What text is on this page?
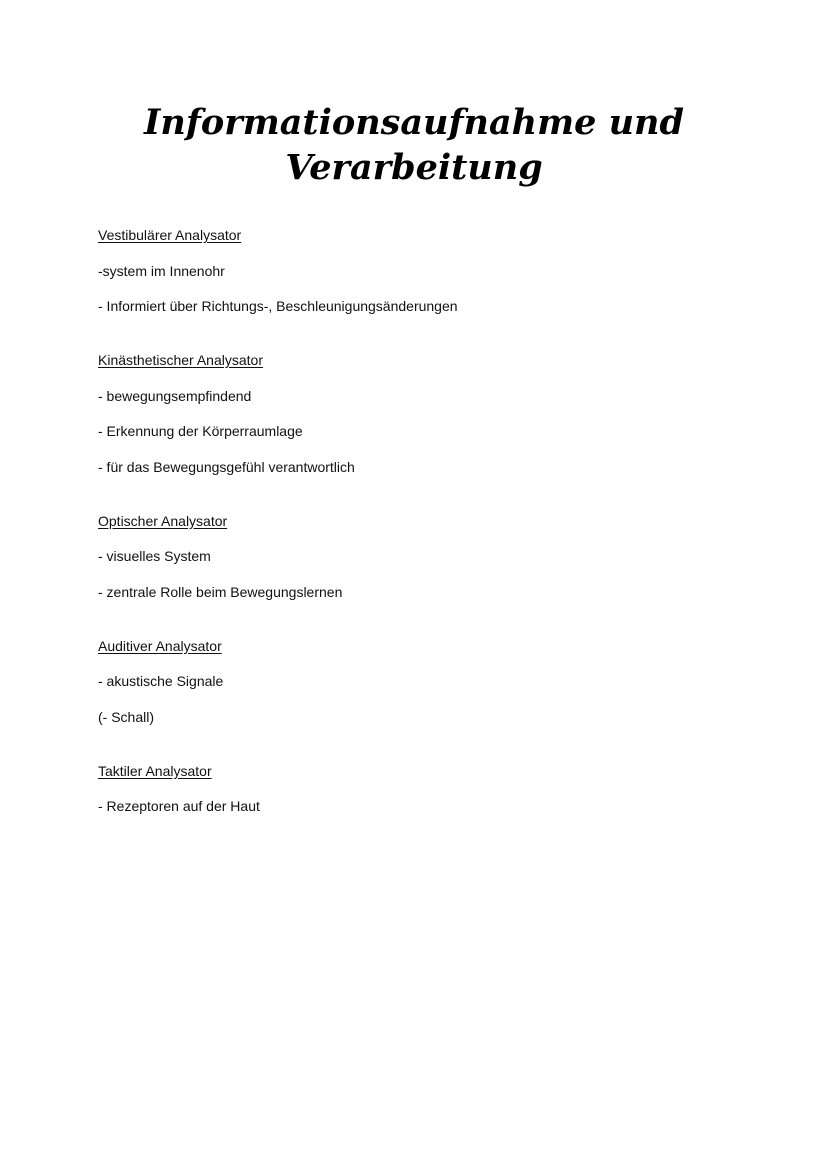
Informationsaufnahme und
Verarbeitung
Vestibulärer Analysator
-system im Innenohr
- Informiert über Richtungs-, Beschleunigungsänderungen
Kinästhetischer Analysator
- bewegungsempfindend
- Erkennung der Körperraumlage
- für das Bewegungsgefühl verantwortlich
Optischer Analysator
- visuelles System
- zentrale Rolle beim Bewegungslernen
Auditiver Analysator
- akustische Signale
(- Schall)
Taktiler Analysator
- Rezeptoren auf der Haut
